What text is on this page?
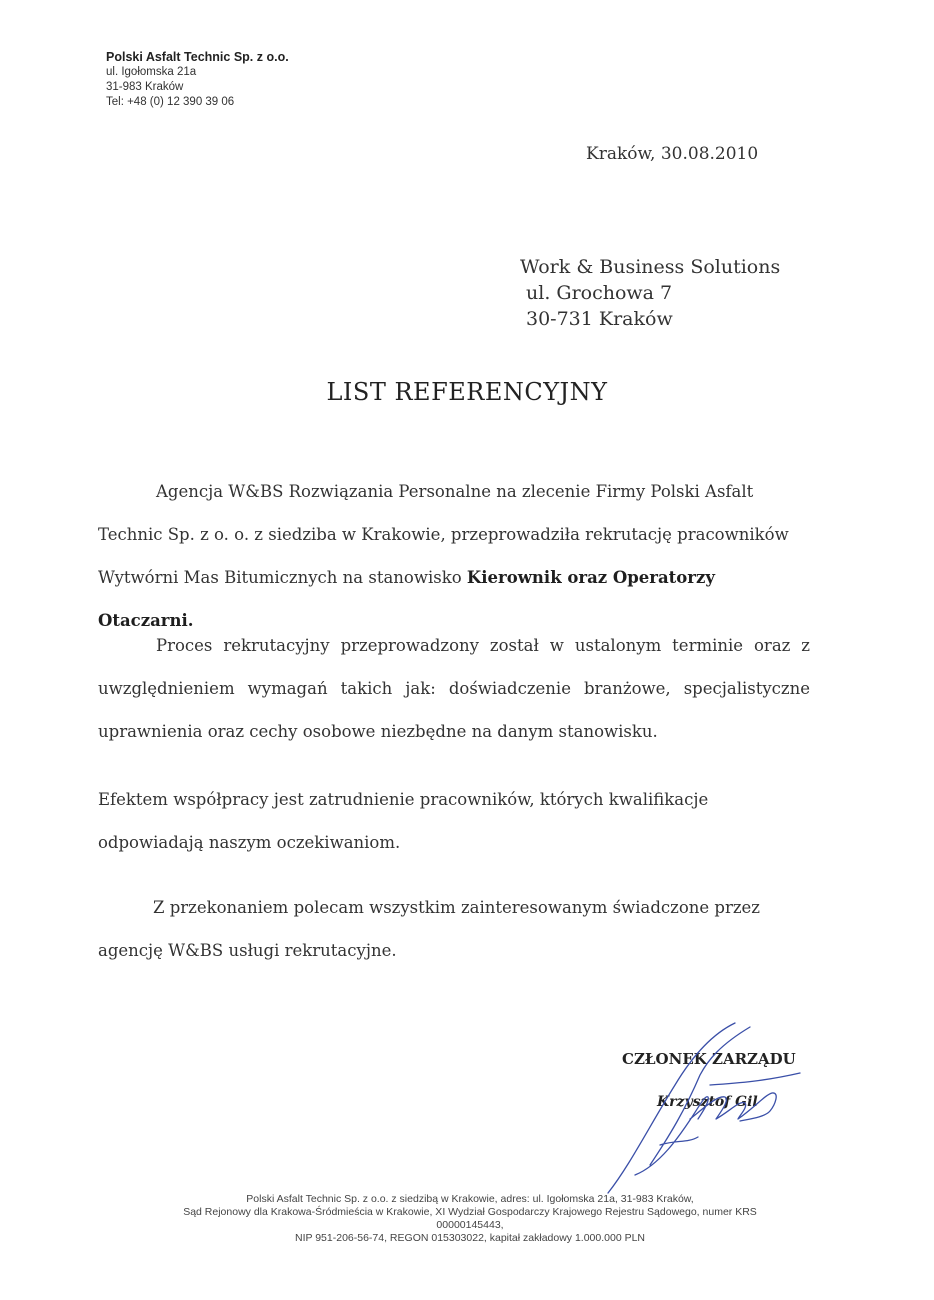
Polski Asfalt Technic Sp. z o.o.
ul. Igołomska 21a
31-983 Kraków
Tel: +48 (0) 12 390 39 06
Kraków, 30.08.2010
Work & Business Solutions
ul. Grochowa 7
30-731 Kraków
LIST REFERENCYJNY
Agencja W&BS Rozwiązania Personalne na zlecenie Firmy Polski Asfalt Technic Sp. z o. o. z siedziba w Krakowie, przeprowadziła rekrutację pracowników Wytwórni Mas Bitumicznych na stanowisko Kierownik oraz Operatorzy Otaczarni.
Proces rekrutacyjny przeprowadzony został w ustalonym terminie oraz z uwzględnieniem wymagań takich jak: doświadczenie branżowe, specjalistyczne uprawnienia oraz cechy osobowe niezbędne na danym stanowisku.
Efektem współpracy jest zatrudnienie pracowników, których kwalifikacje odpowiadają naszym oczekiwaniom.
Z przekonaniem polecam wszystkim zainteresowanym świadczone przez agencję W&BS usługi rekrutacyjne.
CZŁONEK ZARZĄDU
Krzysztof Gil
Polski Asfalt Technic Sp. z o.o. z siedzibą w Krakowie, adres: ul. Igołomska 21a, 31-983 Kraków,
Sąd Rejonowy dla Krakowa-Śródmieścia w Krakowie, XI Wydział Gospodarczy Krajowego Rejestru Sądowego, numer KRS
00000145443,
NIP 951-206-56-74, REGON 015303022, kapitał zakładowy 1.000.000 PLN
